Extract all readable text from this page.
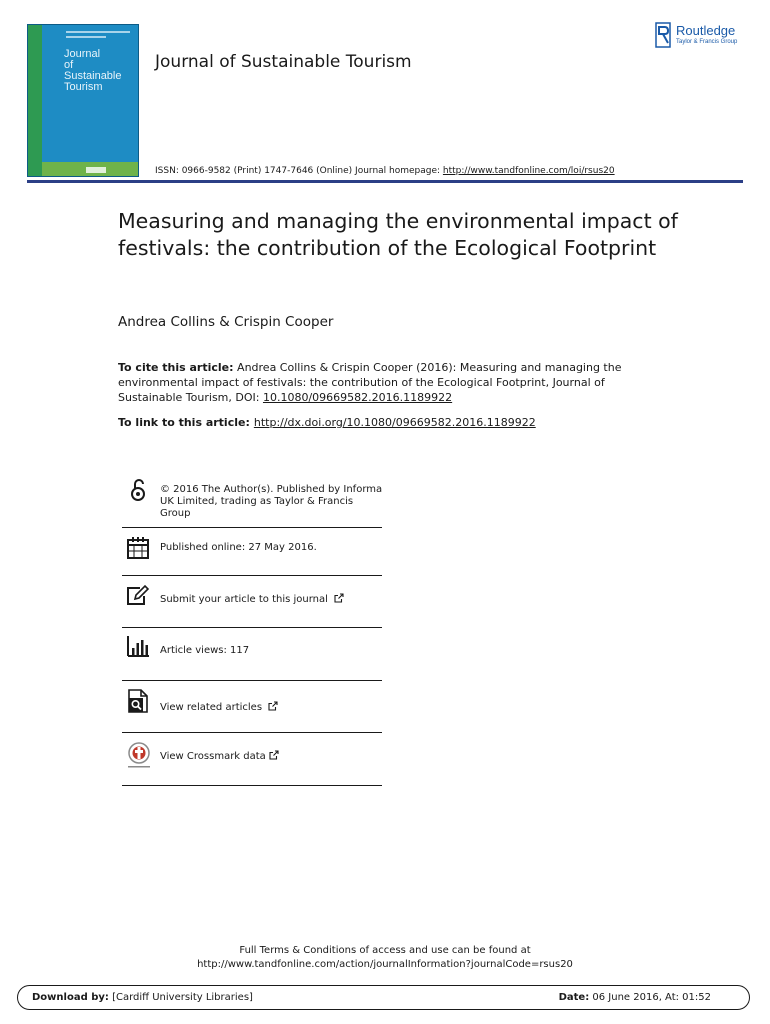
Journal
of
Sustainable
Tourism
Journal of Sustainable Tourism
ISSN: 0966-9582 (Print) 1747-7646 (Online) Journal homepage: http://www.tandfonline.com/loi/rsus20
Routledge
Taylor & Francis Group
Measuring and managing the environmental impact of festivals: the contribution of the Ecological Footprint
Andrea Collins & Crispin Cooper
To cite this article: Andrea Collins & Crispin Cooper (2016): Measuring and managing the environmental impact of festivals: the contribution of the Ecological Footprint, Journal of Sustainable Tourism, DOI: 10.1080/09669582.2016.1189922
To link to this article: http://dx.doi.org/10.1080/09669582.2016.1189922
© 2016 The Author(s). Published by Informa UK Limited, trading as Taylor & Francis Group
Published online: 27 May 2016.
Submit your article to this journal
Article views: 117
View related articles
View Crossmark data
Full Terms & Conditions of access and use can be found at
http://www.tandfonline.com/action/journalInformation?journalCode=rsus20
Download by: [Cardiff University Libraries]	Date: 06 June 2016, At: 01:52
